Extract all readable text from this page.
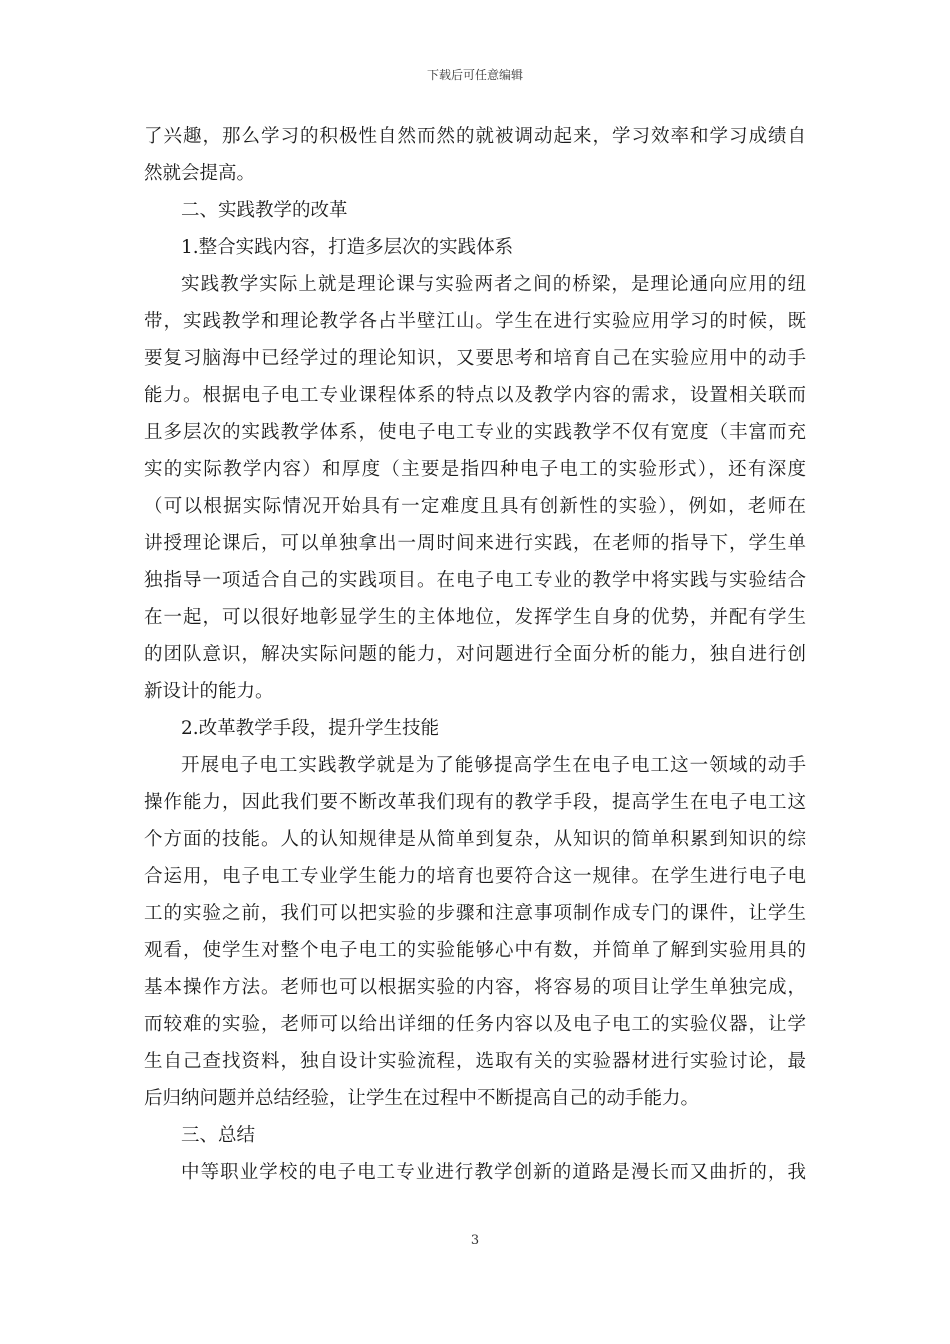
下载后可任意编辑
了兴趣，那么学习的积极性自然而然的就被调动起来，学习效率和学习成绩自
然就会提高。
二、实践教学的改革
1.整合实践内容，打造多层次的实践体系
实践教学实际上就是理论课与实验两者之间的桥梁，是理论通向应用的纽
带，实践教学和理论教学各占半壁江山。学生在进行实验应用学习的时候，既
要复习脑海中已经学过的理论知识，又要思考和培育自己在实验应用中的动手
能力。根据电子电工专业课程体系的特点以及教学内容的需求，设置相关联而
且多层次的实践教学体系，使电子电工专业的实践教学不仅有宽度（丰富而充
实的实际教学内容）和厚度（主要是指四种电子电工的实验形式），还有深度
（可以根据实际情况开始具有一定难度且具有创新性的实验），例如，老师在
讲授理论课后，可以单独拿出一周时间来进行实践，在老师的指导下，学生单
独指导一项适合自己的实践项目。在电子电工专业的教学中将实践与实验结合
在一起，可以很好地彰显学生的主体地位，发挥学生自身的优势，并配有学生
的团队意识，解决实际问题的能力，对问题进行全面分析的能力，独自进行创
新设计的能力。
2.改革教学手段，提升学生技能
开展电子电工实践教学就是为了能够提高学生在电子电工这一领域的动手
操作能力，因此我们要不断改革我们现有的教学手段，提高学生在电子电工这
个方面的技能。人的认知规律是从简单到复杂，从知识的简单积累到知识的综
合运用，电子电工专业学生能力的培育也要符合这一规律。在学生进行电子电
工的实验之前，我们可以把实验的步骤和注意事项制作成专门的课件，让学生
观看，使学生对整个电子电工的实验能够心中有数，并简单了解到实验用具的
基本操作方法。老师也可以根据实验的内容，将容易的项目让学生单独完成，
而较难的实验，老师可以给出详细的任务内容以及电子电工的实验仪器，让学
生自己查找资料，独自设计实验流程，选取有关的实验器材进行实验讨论，最
后归纳问题并总结经验，让学生在过程中不断提高自己的动手能力。
三、总结
中等职业学校的电子电工专业进行教学创新的道路是漫长而又曲折的，我
3
